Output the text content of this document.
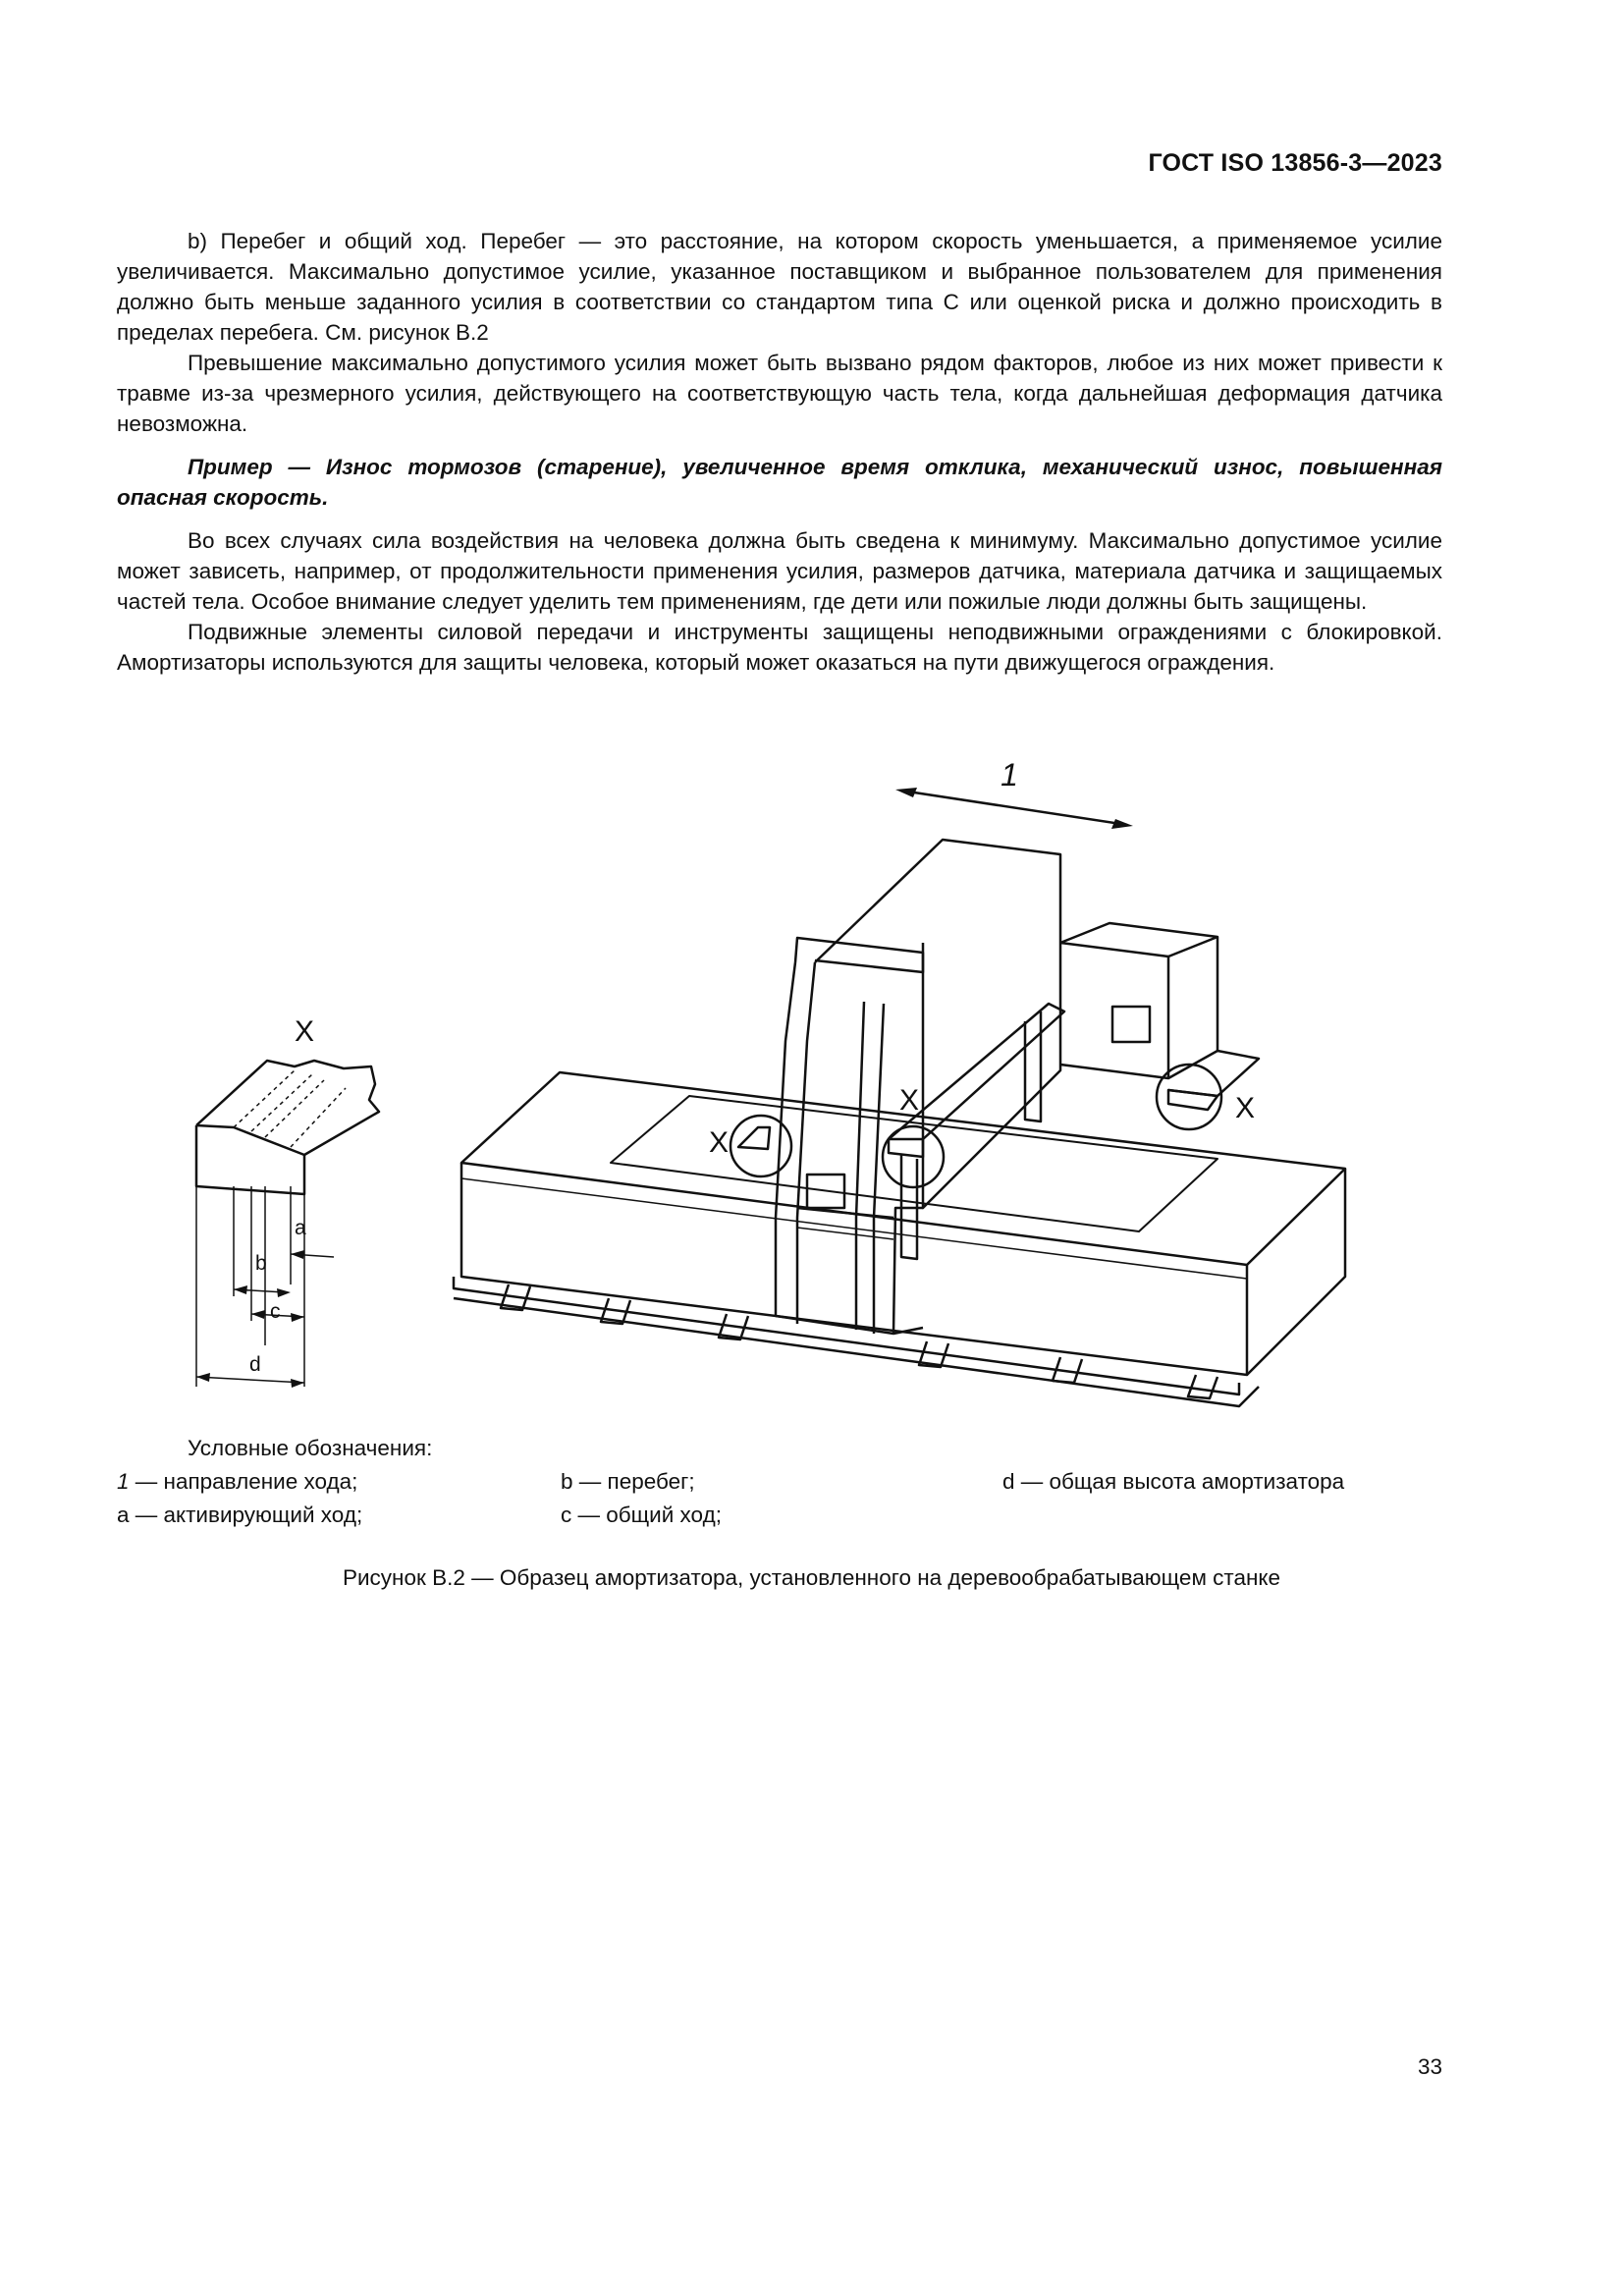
ГОСТ ISO 13856-3—2023

b) Перебег и общий ход. Перебег — это расстояние, на котором скорость уменьшается, а применяемое усилие увеличивается. Максимально допустимое усилие, указанное поставщиком и выбранное пользователем для применения должно быть меньше заданного усилия в соответствии со стандартом типа С или оценкой риска и должно происходить в пределах перебега. См. рисунок В.2

Превышение максимально допустимого усилия может быть вызвано рядом факторов, любое из них может привести к травме из-за чрезмерного усилия, действующего на соответствующую часть тела, когда дальнейшая деформация датчика невозможна.

Пример — Износ тормозов (старение), увеличенное время отклика, механический износ, повышенная опасная скорость.

Во всех случаях сила воздействия на человека должна быть сведена к минимуму. Максимально допустимое усилие может зависеть, например, от продолжительности применения усилия, размеров датчика, материала датчика и защищаемых частей тела. Особое внимание следует уделить тем применениям, где дети или пожилые люди должны быть защищены.

Подвижные элементы силовой передачи и инструменты защищены неподвижными ограждениями с блокировкой. Амортизаторы используются для защиты человека, который может оказаться на пути движущегося ограждения.

1
X
a
b
c
d
X
X	X
Условные обозначения:
1 — направление хода;	b — перебег;	d — общая высота амортизатора
a — активирующий ход;	c — общий ход;
Рисунок В.2 — Образец амортизатора, установленного на деревообрабатывающем станке
33
